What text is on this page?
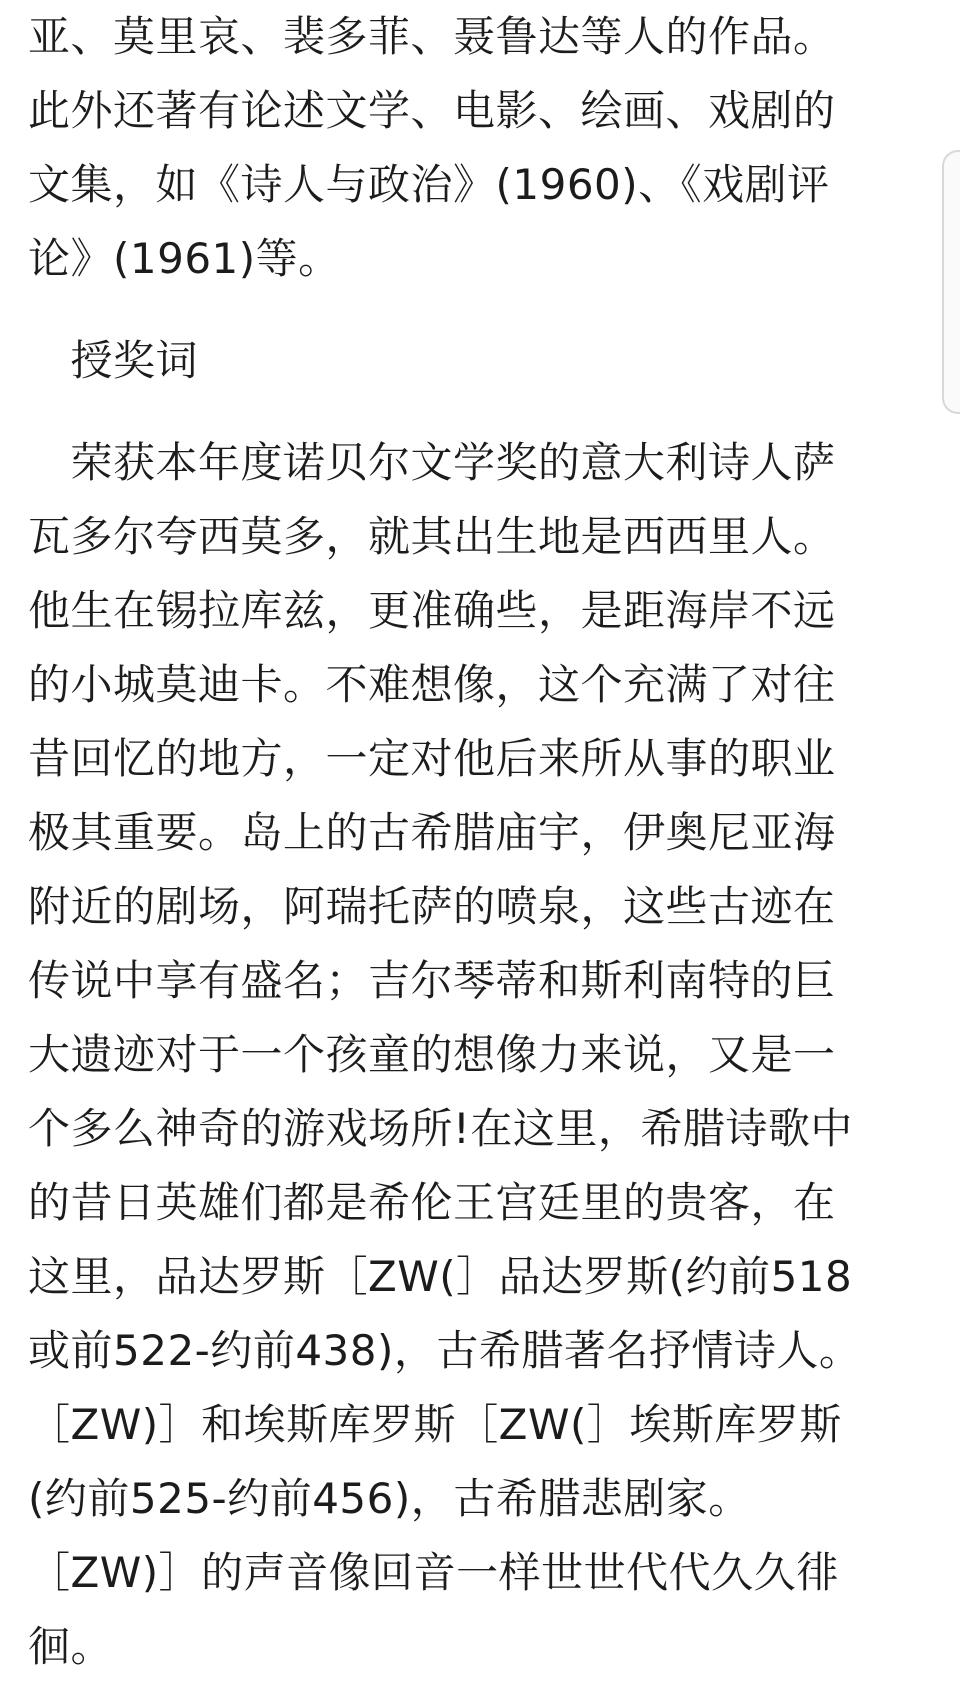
亚、莫里哀、裴多菲、聂鲁达等人的作品。
此外还著有论述文学、电影、绘画、戏剧的
文集，如《诗人与政治》(1960)、《戏剧评
论》(1961)等。
　授奖词
　荣获本年度诺贝尔文学奖的意大利诗人萨
瓦多尔夸西莫多，就其出生地是西西里人。
他生在锡拉库兹，更准确些，是距海岸不远
的小城莫迪卡。不难想像，这个充满了对往
昔回忆的地方，一定对他后来所从事的职业
极其重要。岛上的古希腊庙宇，伊奥尼亚海
附近的剧场，阿瑞托萨的喷泉，这些古迹在
传说中享有盛名；吉尔琴蒂和斯利南特的巨
大遗迹对于一个孩童的想像力来说，又是一
个多么神奇的游戏场所!在这里，希腊诗歌中
的昔日英雄们都是希伦王宫廷里的贵客，在
这里，品达罗斯［ZW(］品达罗斯(约前518
或前522-约前438)，古希腊著名抒情诗人。
［ZW)］和埃斯库罗斯［ZW(］埃斯库罗斯
(约前525-约前456)，古希腊悲剧家。
［ZW)］的声音像回音一样世世代代久久徘
徊。
